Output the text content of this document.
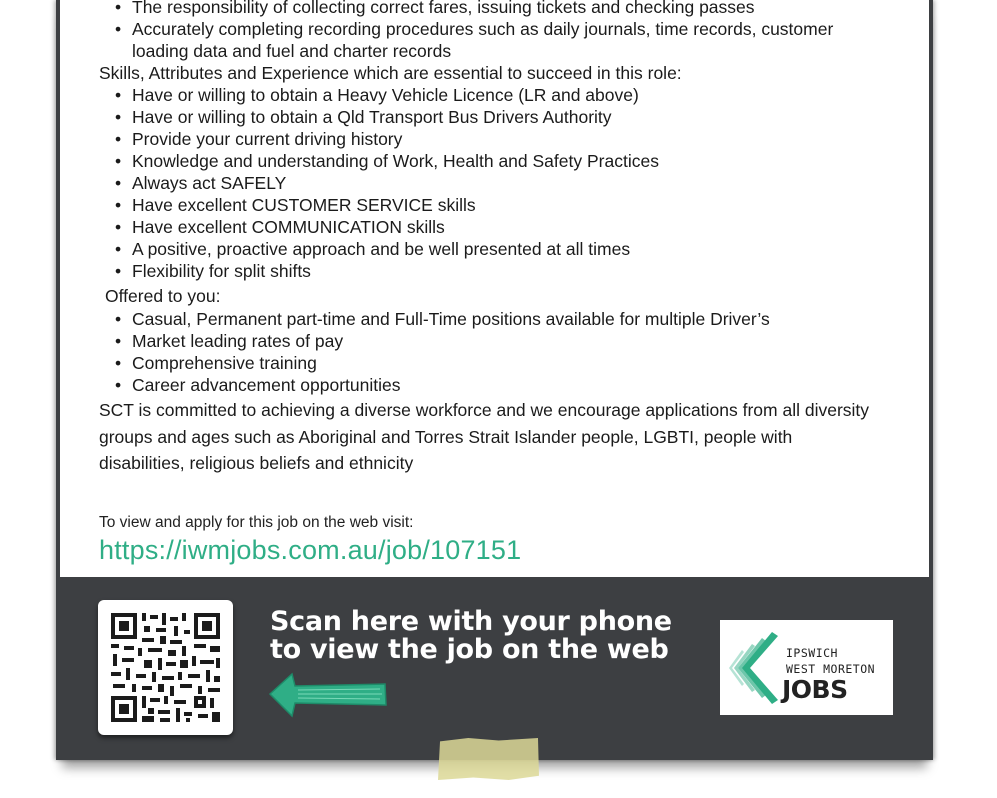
• The responsibility of collecting correct fares, issuing tickets and checking passes
• Accurately completing recording procedures such as daily journals, time records, customer loading data and fuel and charter records

Skills, Attributes and Experience which are essential to succeed in this role:

• Have or willing to obtain a Heavy Vehicle Licence (LR and above)
• Have or willing to obtain a Qld Transport Bus Drivers Authority
• Provide your current driving history
• Knowledge and understanding of Work, Health and Safety Practices
• Always act SAFELY
• Have excellent CUSTOMER SERVICE skills
• Have excellent COMMUNICATION skills
• A positive, proactive approach and be well presented at all times
• Flexibility for split shifts

Offered to you:

• Casual, Permanent part-time and Full-Time positions available for multiple Driver’s
• Market leading rates of pay
• Comprehensive training
• Career advancement opportunities

SCT is committed to achieving a diverse workforce and we encourage applications from all diversity groups and ages such as Aboriginal and Torres Strait Islander people, LGBTI, people with disabilities, religious beliefs and ethnicity

To view and apply for this job on the web visit:
https://iwmjobs.com.au/job/107151
Scan here with your phone
to view the job on the web	IPSWICH
WEST MORETON
JOBS
